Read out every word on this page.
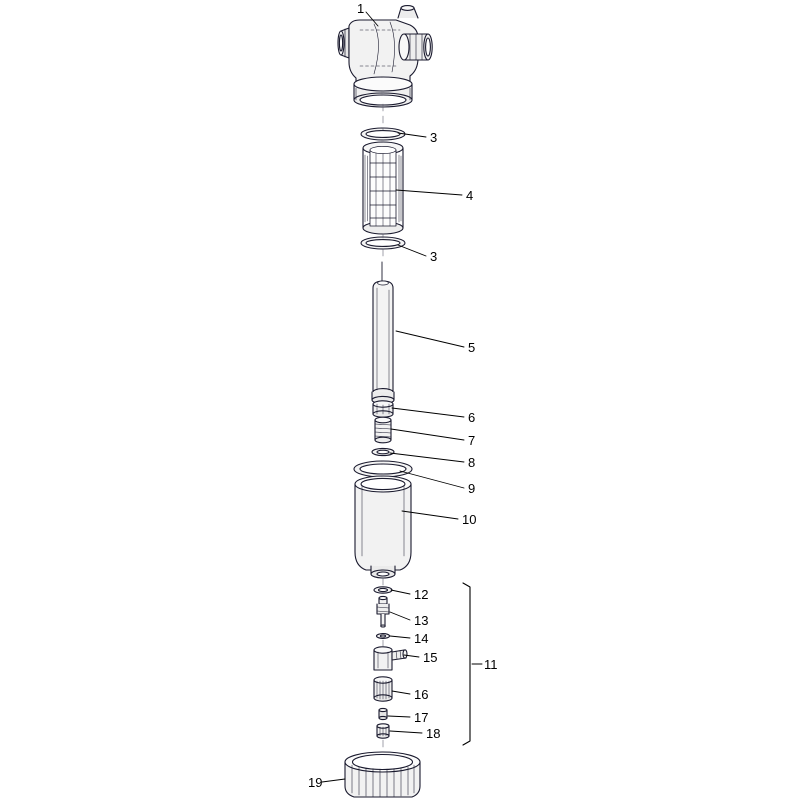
1
3
4
3
5
6
7
8
9
10
12
13
14
15
16
17
18
11
19
